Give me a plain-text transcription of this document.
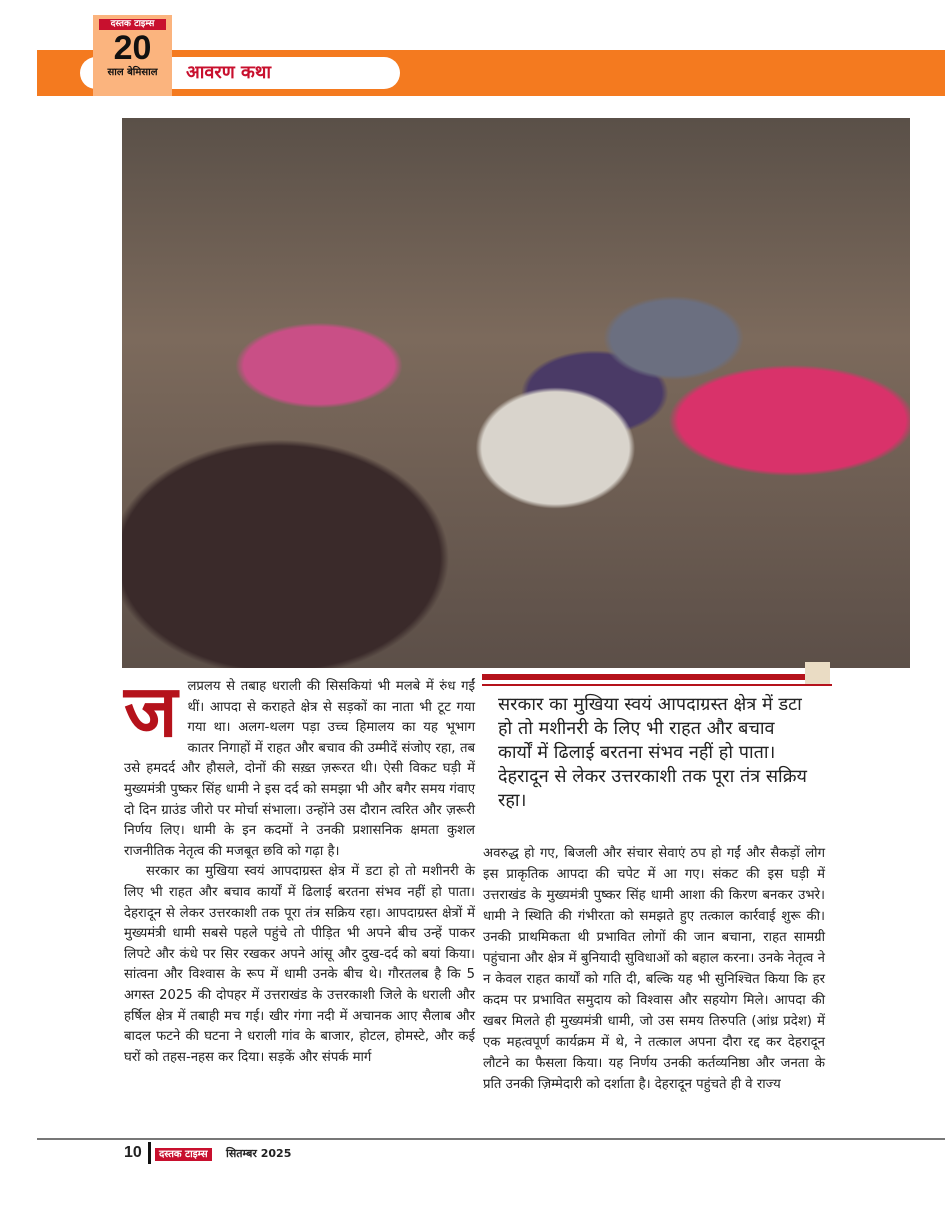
आवरण कथा
दस्तक टाइम्स
20
साल बेमिसाल

जलप्रलय से तबाह धराली की सिसकियां भी मलबे में रुंध गईं थीं। आपदा से कराहते क्षेत्र से सड़कों का नाता भी टूट गया गया था। अलग-थलग पड़ा उच्च हिमालय का यह भूभाग कातर निगाहों में राहत और बचाव की उम्मीदें संजोए रहा, तब उसे हमदर्द और हौसले, दोनों की सख़्त ज़रूरत थी। ऐसी विकट घड़ी में मुख्यमंत्री पुष्कर सिंह धामी ने इस दर्द को समझा भी और बगैर समय गंवाए दो दिन ग्राउंड जीरो पर मोर्चा संभाला। उन्होंने उस दौरान त्वरित और ज़रूरी निर्णय लिए। धामी के इन कदमों ने उनकी प्रशासनिक क्षमता कुशल राजनीतिक नेतृत्व की मजबूत छवि को गढ़ा है।

सरकार का मुखिया स्वयं आपदाग्रस्त क्षेत्र में डटा हो तो मशीनरी के लिए भी राहत और बचाव कार्यों में ढिलाई बरतना संभव नहीं हो पाता। देहरादून से लेकर उत्तरकाशी तक पूरा तंत्र सक्रिय रहा। आपदाग्रस्त क्षेत्रों में मुख्यमंत्री धामी सबसे पहले पहुंचे तो पीड़ित भी अपने बीच उन्हें पाकर लिपटे और कंधे पर सिर रखकर अपने आंसू और दुख-दर्द को बयां किया। सांत्वना और विश्वास के रूप में धामी उनके बीच थे। गौरतलब है कि 5 अगस्त 2025 की दोपहर में उत्तराखंड के उत्तरकाशी जिले के धराली और हर्षिल क्षेत्र में तबाही मच गई। खीर गंगा नदी में अचानक आए सैलाब और बादल फटने की घटना ने धराली गांव के बाजार, होटल, होमस्टे, और कई घरों को तहस-नहस कर दिया। सड़कें और संपर्क मार्ग

सरकार का मुखिया स्वयं आपदाग्रस्त क्षेत्र में डटा हो तो मशीनरी के लिए भी राहत और बचाव कार्यों में ढिलाई बरतना संभव नहीं हो पाता। देहरादून से लेकर उत्तरकाशी तक पूरा तंत्र सक्रिय रहा।

अवरुद्ध हो गए, बिजली और संचार सेवाएं ठप हो गईं और सैकड़ों लोग इस प्राकृतिक आपदा की चपेट में आ गए। संकट की इस घड़ी में उत्तराखंड के मुख्यमंत्री पुष्कर सिंह धामी आशा की किरण बनकर उभरे। धामी ने स्थिति की गंभीरता को समझते हुए तत्काल कार्रवाई शुरू की। उनकी प्राथमिकता थी प्रभावित लोगों की जान बचाना, राहत सामग्री पहुंचाना और क्षेत्र में बुनियादी सुविधाओं को बहाल करना। उनके नेतृत्व ने न केवल राहत कार्यों को गति दी, बल्कि यह भी सुनिश्चित किया कि हर कदम पर प्रभावित समुदाय को विश्वास और सहयोग मिले। आपदा की खबर मिलते ही मुख्यमंत्री धामी, जो उस समय तिरुपति (आंध्र प्रदेश) में एक महत्वपूर्ण कार्यक्रम में थे, ने तत्काल अपना दौरा रद्द कर देहरादून लौटने का फैसला किया। यह निर्णय उनकी कर्तव्यनिष्ठा और जनता के प्रति उनकी ज़िम्मेदारी को दर्शाता है। देहरादून पहुंचते ही वे राज्य

10	दस्तक टाइम्स	सितम्बर 2025
